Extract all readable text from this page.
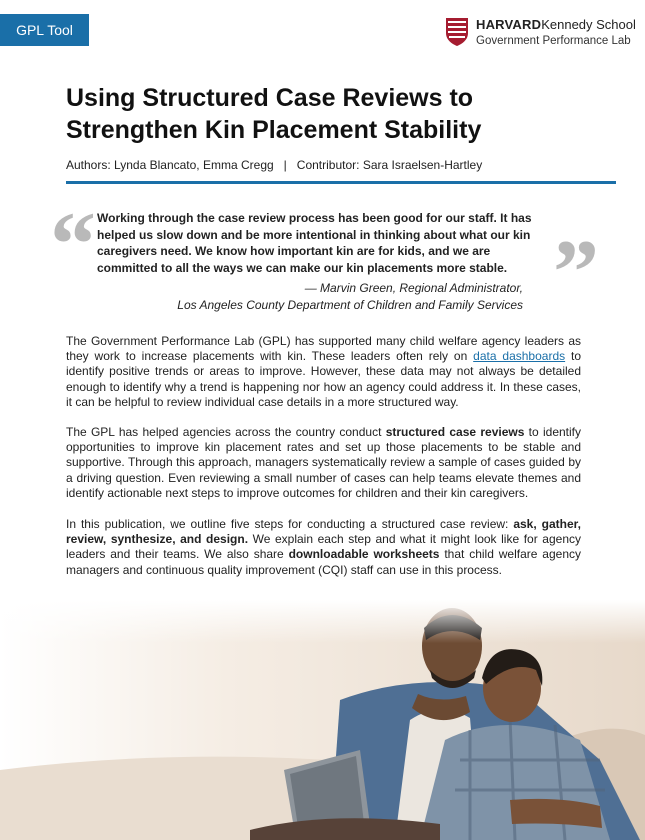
GPL Tool	HARVARDKennedy School
Government Performance Lab
Using Structured Case Reviews to Strengthen Kin Placement Stability
Authors: Lynda Blancato, Emma Cregg | Contributor: Sara Israelsen-Hartley
“ Working through the case review process has been good for our staff. It has helped us slow down and be more intentional in thinking about what our kin caregivers need. We know how important kin are for kids, and we are committed to all the ways we can make our kin placements more stable. ”
— Marvin Green, Regional Administrator,
Los Angeles County Department of Children and Family Services

The Government Performance Lab (GPL) has supported many child welfare agency leaders as they work to increase placements with kin. These leaders often rely on data dashboards to identify positive trends or areas to improve. However, these data may not always be detailed enough to identify why a trend is happening nor how an agency could address it. In these cases, it can be helpful to review individual case details in a more structured way.

The GPL has helped agencies across the country conduct structured case reviews to identify opportunities to improve kin placement rates and set up those placements to be stable and supportive. Through this approach, managers systematically review a sample of cases guided by a driving question. Even reviewing a small number of cases can help teams elevate themes and identify actionable next steps to improve outcomes for children and their kin caregivers.

In this publication, we outline five steps for conducting a structured case review: ask, gather, review, synthesize, and design. We explain each step and what it might look like for agency leaders and their teams. We also share downloadable worksheets that child welfare agency managers and continuous quality improvement (CQI) staff can use in this process.
